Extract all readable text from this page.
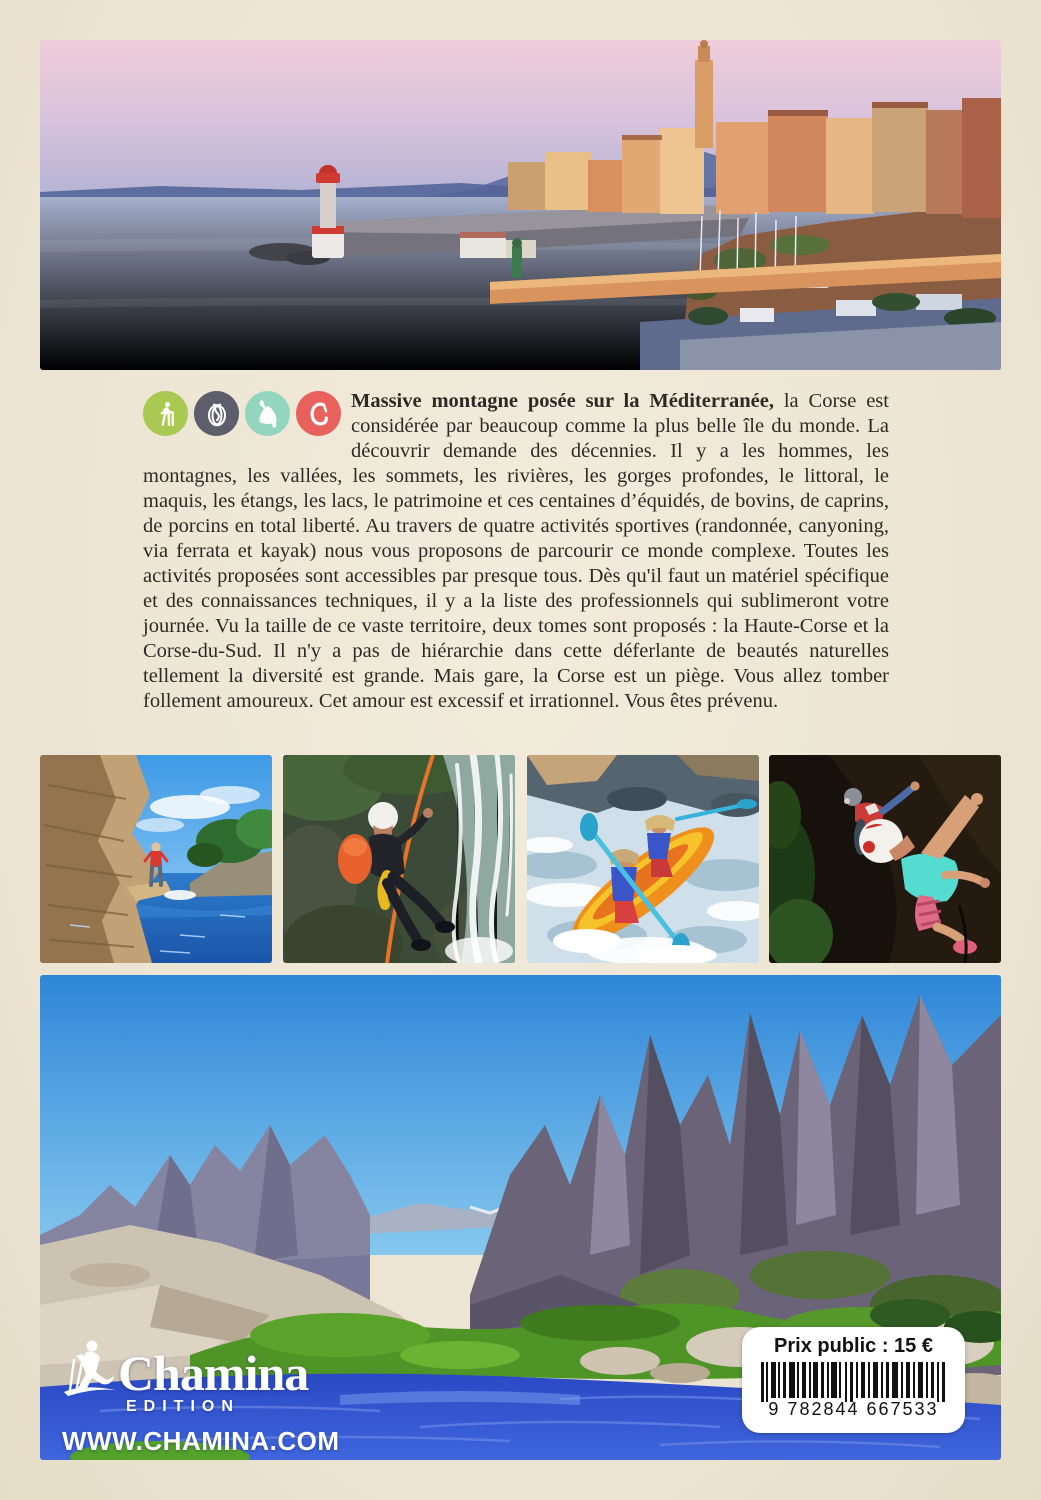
Massive montagne posée sur la Méditerranée, la Corse est considérée par beaucoup comme la plus belle île du monde. La découvrir demande des décennies. Il y a les hommes, les montagnes, les vallées, les sommets, les rivières, les gorges profondes, le littoral, le maquis, les étangs, les lacs, le patrimoine et ces centaines d’équidés, de bovins, de caprins, de porcins en total liberté. Au travers de quatre activités sportives (randonnée, canyoning, via ferrata et kayak) nous vous proposons de parcourir ce monde complexe. Toutes les activités proposées sont accessibles par presque tous. Dès qu'il faut un matériel spécifique et des connaissances techniques, il y a la liste des professionnels qui sublimeront votre journée. Vu la taille de ce vaste territoire, deux tomes sont proposés : la Haute-Corse et la Corse-du-Sud. Il n'y a pas de hiérarchie dans cette déferlante de beautés naturelles tellement la diversité est grande. Mais gare, la Corse est un piège. Vous allez tomber follement amoureux. Cet amour est excessif et irrationnel. Vous êtes prévenu.

Chamina
EDITION
WWW.CHAMINA.COM
Prix public : 15 €
9 782844 667533
